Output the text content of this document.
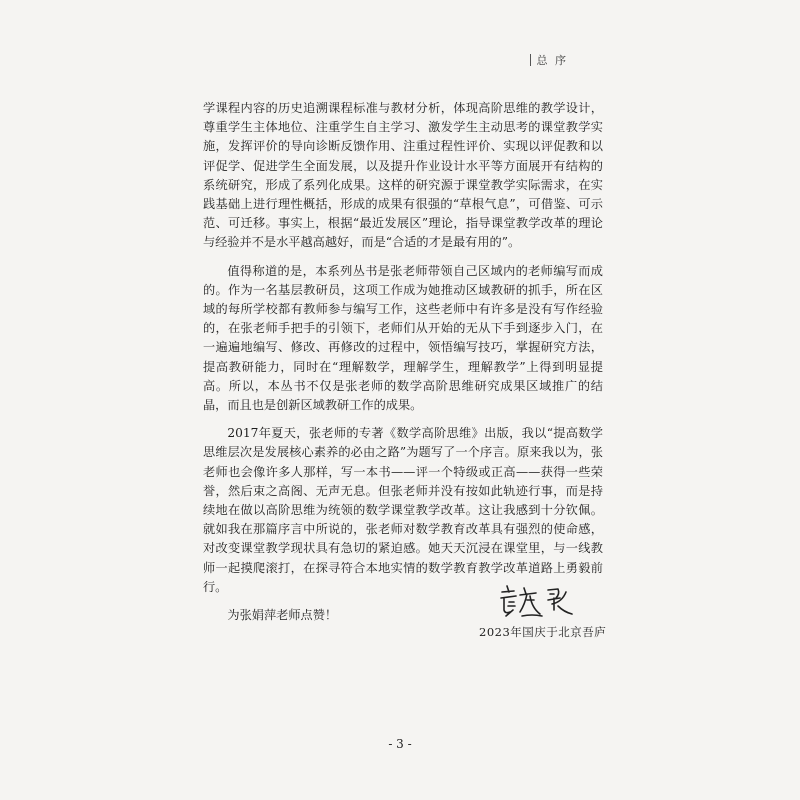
总 序

学课程内容的历史追溯课程标准与教材分析，体现高阶思维的教学设计，尊重学生主体地位、注重学生自主学习、激发学生主动思考的课堂教学实施，发挥评价的导向诊断反馈作用、注重过程性评价、实现以评促教和以评促学、促进学生全面发展，以及提升作业设计水平等方面展开有结构的系统研究，形成了系列化成果。这样的研究源于课堂教学实际需求，在实践基础上进行理性概括，形成的成果有很强的“草根气息”，可借鉴、可示范、可迁移。事实上，根据“最近发展区”理论，指导课堂教学改革的理论与经验并不是水平越高越好，而是“合适的才是最有用的”。

值得称道的是，本系列丛书是张老师带领自己区域内的老师编写而成的。作为一名基层教研员，这项工作成为她推动区域教研的抓手，所在区域的每所学校都有教师参与编写工作，这些老师中有许多是没有写作经验的，在张老师手把手的引领下，老师们从开始的无从下手到逐步入门，在一遍遍地编写、修改、再修改的过程中，领悟编写技巧，掌握研究方法，提高教研能力，同时在“理解数学，理解学生，理解教学”上得到明显提高。所以，本丛书不仅是张老师的数学高阶思维研究成果区域推广的结晶，而且也是创新区域教研工作的成果。

2017年夏天，张老师的专著《数学高阶思维》出版，我以“提高数学思维层次是发展核心素养的必由之路”为题写了一个序言。原来我以为，张老师也会像许多人那样，写一本书——评一个特级或正高——获得一些荣誉，然后束之高阁、无声无息。但张老师并没有按如此轨迹行事，而是持续地在做以高阶思维为统领的数学课堂教学改革。这让我感到十分钦佩。就如我在那篇序言中所说的，张老师对数学教育改革具有强烈的使命感，对改变课堂教学现状具有急切的紧迫感。她天天沉浸在课堂里，与一线教师一起摸爬滚打，在探寻符合本地实情的数学教育教学改革道路上勇毅前行。

为张娟萍老师点赞！

2023年国庆于北京吾庐
- 3 -
